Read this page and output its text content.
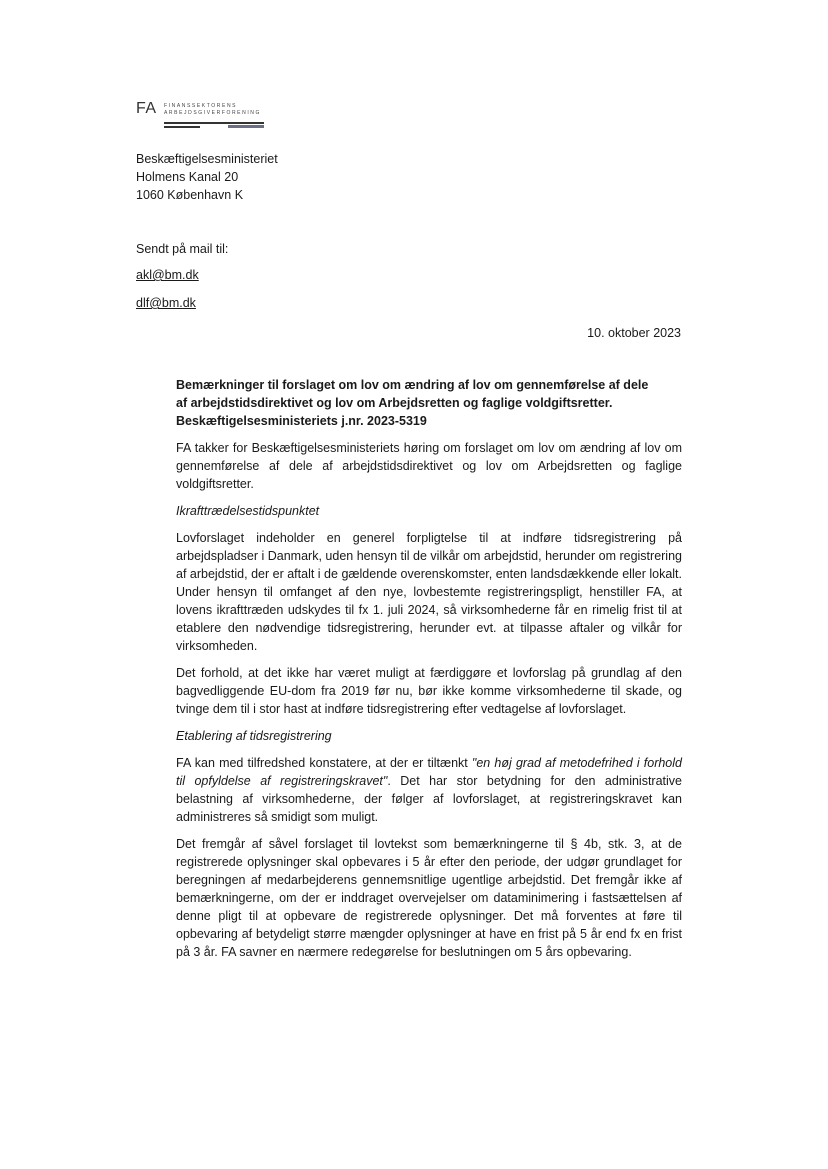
FA FINANSSEKTORENS
ARBEJDSGIVERFORENING
Beskæftigelsesministeriet
Holmens Kanal 20
1060 København K
Sendt på mail til:
akl@bm.dk
dlf@bm.dk
10. oktober 2023
Bemærkninger til forslaget om lov om ændring af lov om gennemførelse af dele
af arbejdstidsdirektivet og lov om Arbejdsretten og faglige voldgiftsretter.
Beskæftigelsesministeriets j.nr. 2023-5319

FA takker for Beskæftigelsesministeriets høring om forslaget om lov om ændring af lov om gennemførelse af dele af arbejdstidsdirektivet og lov om Arbejdsretten og faglige voldgiftsretter.

Ikrafttrædelsestidspunktet

Lovforslaget indeholder en generel forpligtelse til at indføre tidsregistrering på arbejdspladser i Danmark, uden hensyn til de vilkår om arbejdstid, herunder om registrering af arbejdstid, der er aftalt i de gældende overenskomster, enten landsdækkende eller lokalt. Under hensyn til omfanget af den nye, lovbestemte registreringspligt, henstiller FA, at lovens ikrafttræden udskydes til fx 1. juli 2024, så virksomhederne får en rimelig frist til at etablere den nødvendige tidsregistrering, herunder evt. at tilpasse aftaler og vilkår for virksomheden.

Det forhold, at det ikke har været muligt at færdiggøre et lovforslag på grundlag af den bagvedliggende EU-dom fra 2019 før nu, bør ikke komme virksomhederne til skade, og tvinge dem til i stor hast at indføre tidsregistrering efter vedtagelse af lovforslaget.

Etablering af tidsregistrering

FA kan med tilfredshed konstatere, at der er tiltænkt "en høj grad af metodefrihed i forhold til opfyldelse af registreringskravet". Det har stor betydning for den administrative belastning af virksomhederne, der følger af lovforslaget, at registreringskravet kan administreres så smidigt som muligt.

Det fremgår af såvel forslaget til lovtekst som bemærkningerne til § 4b, stk. 3, at de registrerede oplysninger skal opbevares i 5 år efter den periode, der udgør grundlaget for beregningen af medarbejderens gennemsnitlige ugentlige arbejdstid. Det fremgår ikke af bemærkningerne, om der er inddraget overvejelser om dataminimering i fastsættelsen af denne pligt til at opbevare de registrerede oplysninger. Det må forventes at føre til opbevaring af betydeligt større mængder oplysninger at have en frist på 5 år end fx en frist på 3 år. FA savner en nærmere redegørelse for beslutningen om 5 års opbevaring.
